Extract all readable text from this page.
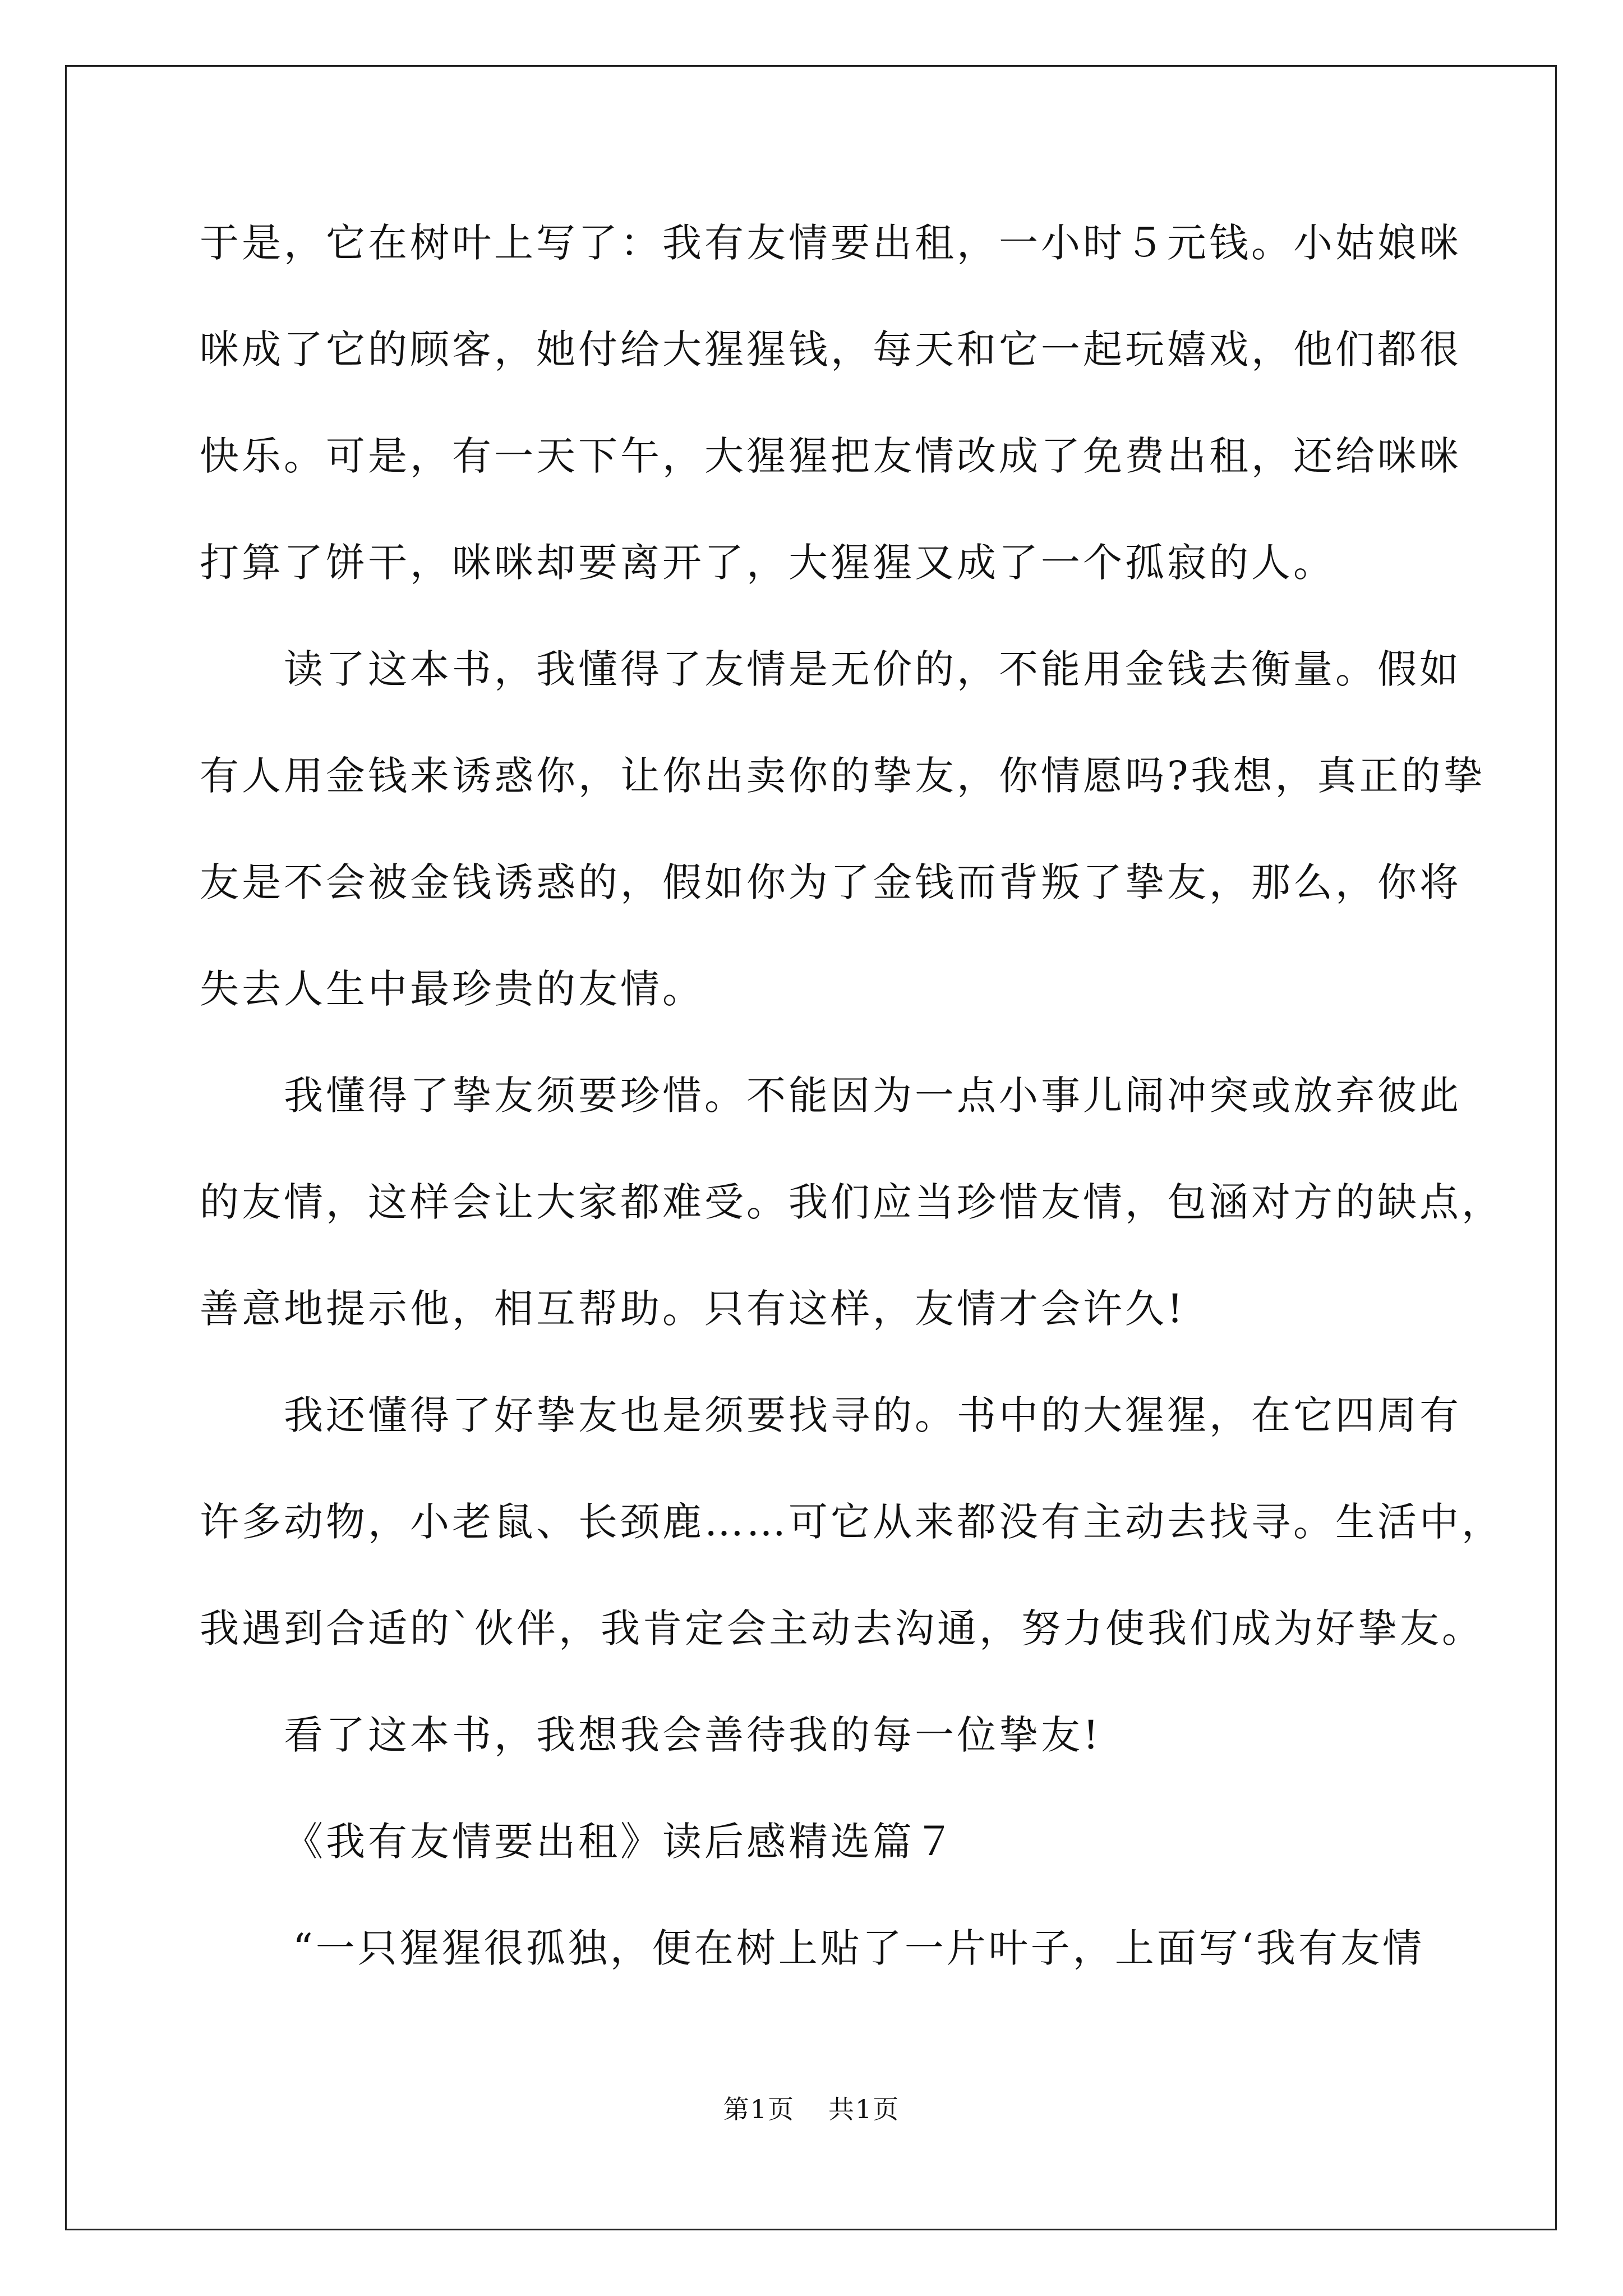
于是，它在树叶上写了：我有友情要出租，一小时５元钱。小姑娘咪
咪成了它的顾客，她付给大猩猩钱，每天和它一起玩嬉戏，他们都很
快乐。可是，有一天下午，大猩猩把友情改成了免费出租，还给咪咪
打算了饼干，咪咪却要离开了，大猩猩又成了一个孤寂的人。
读了这本书，我懂得了友情是无价的，不能用金钱去衡量。假如
有人用金钱来诱惑你，让你出卖你的挚友，你情愿吗?我想，真正的挚
友是不会被金钱诱惑的，假如你为了金钱而背叛了挚友，那么，你将
失去人生中最珍贵的友情。
我懂得了挚友须要珍惜。不能因为一点小事儿闹冲突或放弃彼此
的友情，这样会让大家都难受。我们应当珍惜友情，包涵对方的缺点，
善意地提示他，相互帮助。只有这样，友情才会许久!
我还懂得了好挚友也是须要找寻的。书中的大猩猩，在它四周有
许多动物，小老鼠、长颈鹿……可它从来都没有主动去找寻。生活中，
我遇到合适的`伙伴，我肯定会主动去沟通，努力使我们成为好挚友。
看了这本书，我想我会善待我的每一位挚友!
《我有友情要出租》读后感精选篇７
“一只猩猩很孤独，便在树上贴了一片叶子，上面写‘我有友情
第1页 共1页
